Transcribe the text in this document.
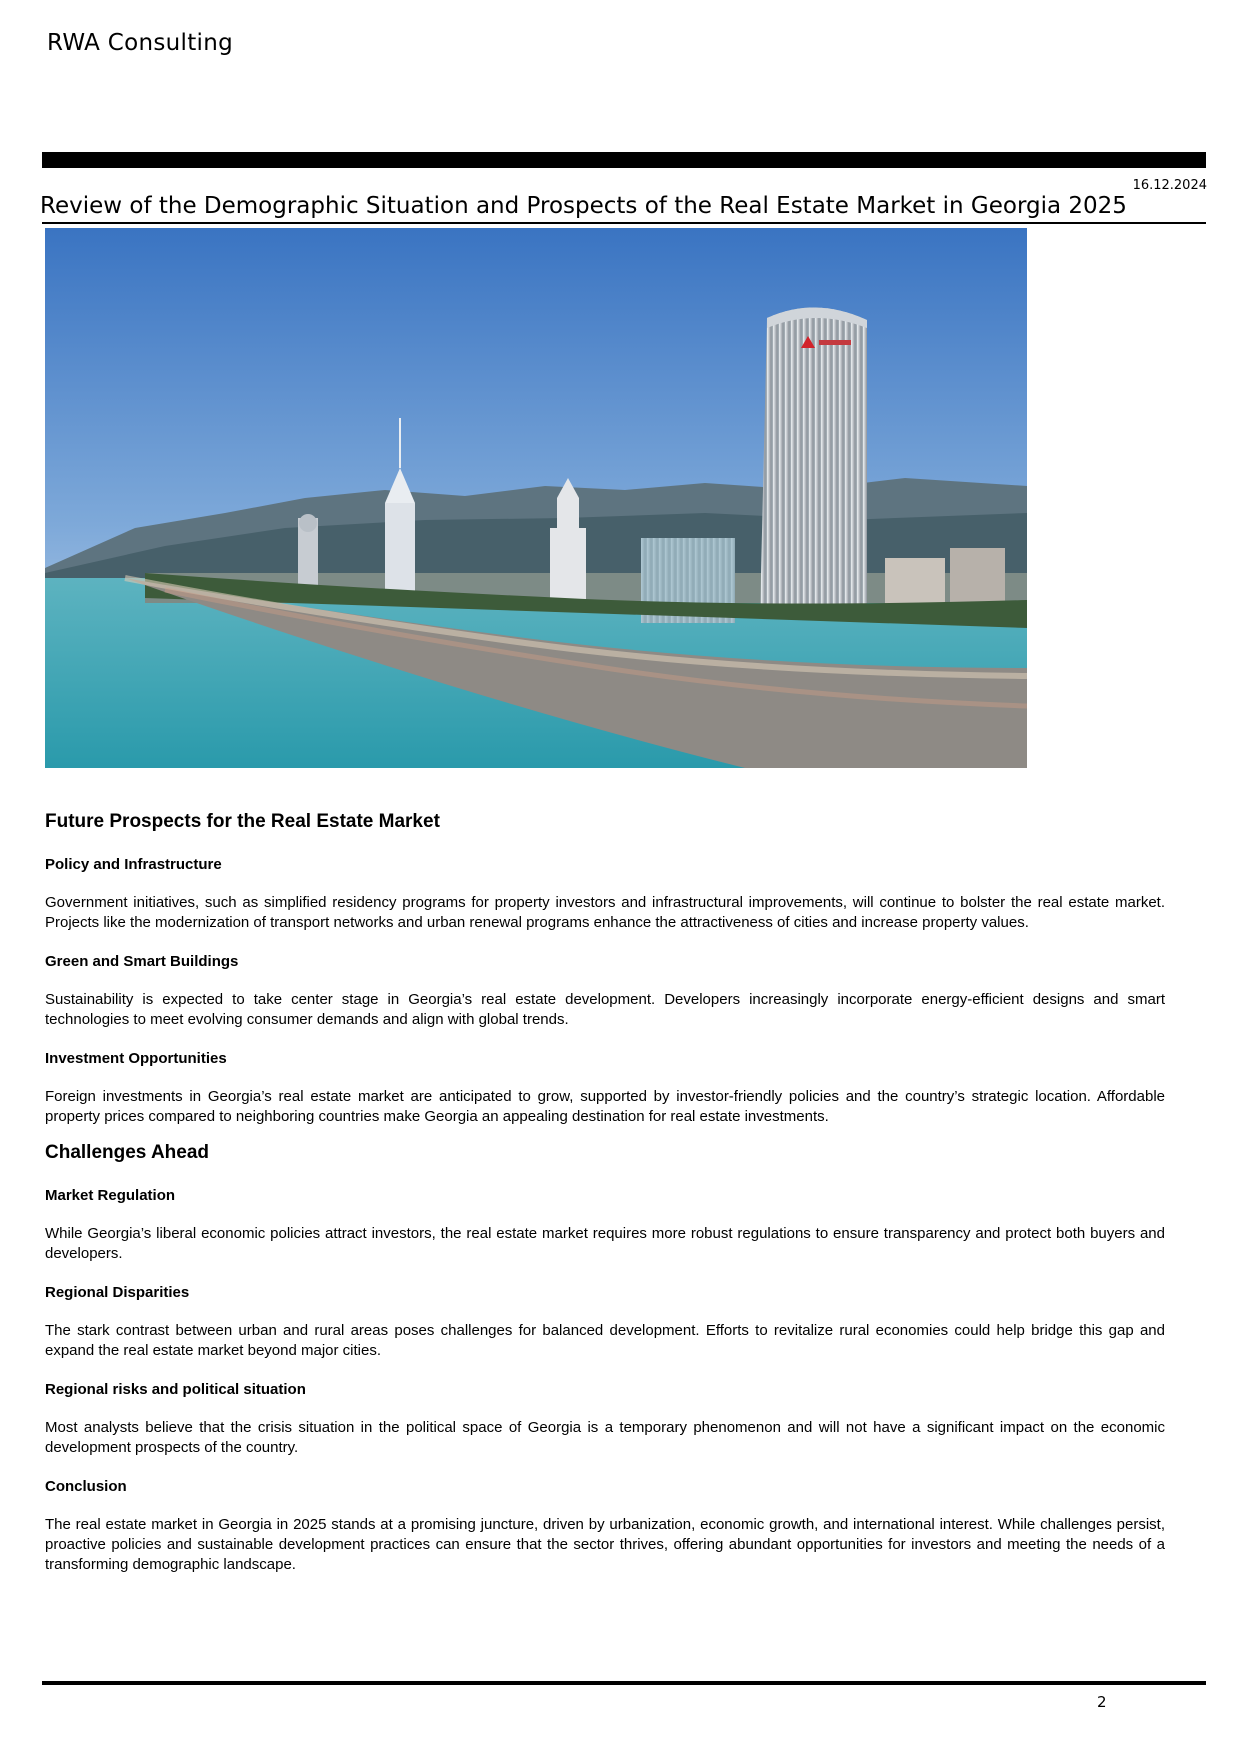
RWA Consulting
16.12.2024
Review of the Demographic Situation and Prospects of the Real Estate Market in Georgia 2025
Future Prospects for the Real Estate Market
Policy and Infrastructure

Government initiatives, such as simplified residency programs for property investors and infrastructural improvements, will continue to bolster the real estate market. Projects like the modernization of transport networks and urban renewal programs enhance the attractiveness of cities and increase property values.

Green and Smart Buildings

Sustainability is expected to take center stage in Georgia’s real estate development. Developers increasingly incorporate energy-efficient designs and smart technologies to meet evolving consumer demands and align with global trends.

Investment Opportunities

Foreign investments in Georgia’s real estate market are anticipated to grow, supported by investor-friendly policies and the country’s strategic location. Affordable property prices compared to neighboring countries make Georgia an appealing destination for real estate investments.

Challenges Ahead
Market Regulation

While Georgia’s liberal economic policies attract investors, the real estate market requires more robust regulations to ensure transparency and protect both buyers and developers.

Regional Disparities

The stark contrast between urban and rural areas poses challenges for balanced development. Efforts to revitalize rural economies could help bridge this gap and expand the real estate market beyond major cities.

Regional risks and political situation

Most analysts believe that the crisis situation in the political space of Georgia is a temporary phenomenon and will not have a significant impact on the economic development prospects of the country.

Conclusion

The real estate market in Georgia in 2025 stands at a promising juncture, driven by urbanization, economic growth, and international interest. While challenges persist, proactive policies and sustainable development practices can ensure that the sector thrives, offering abundant opportunities for investors and meeting the needs of a transforming demographic landscape.

2
